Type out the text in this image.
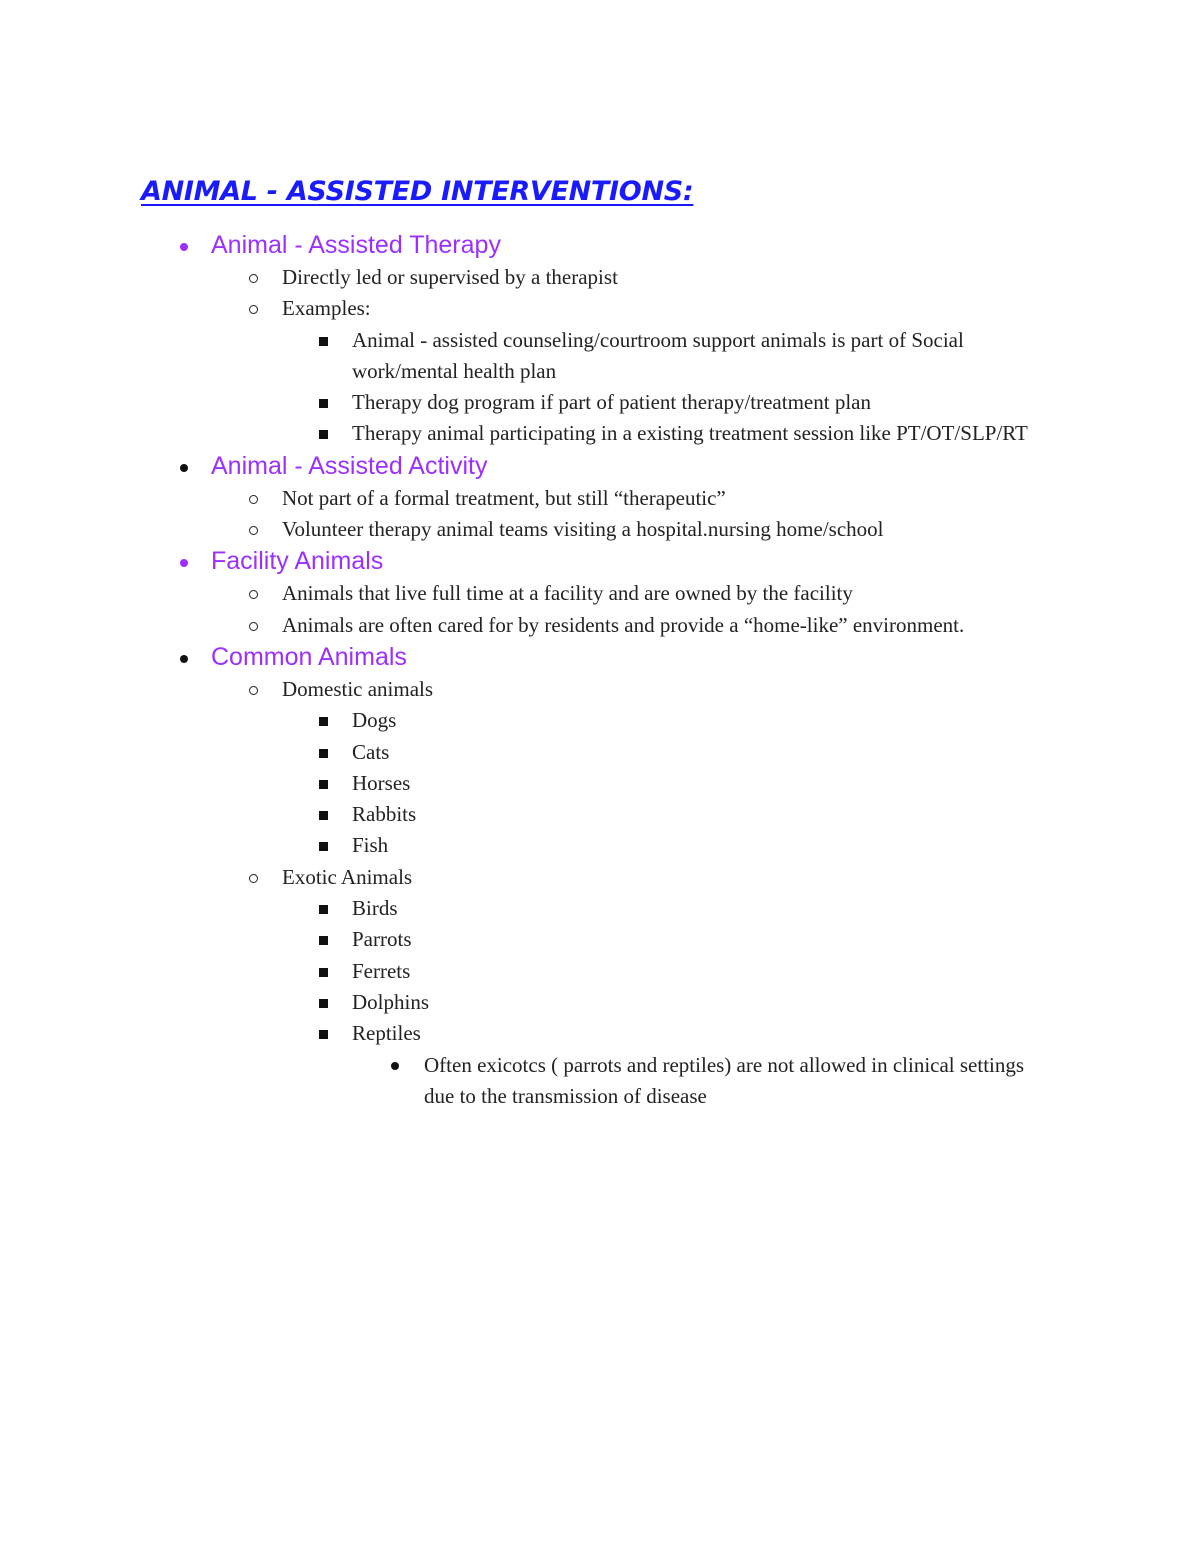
ANIMAL - ASSISTED INTERVENTIONS:
Animal - Assisted Therapy
Directly led or supervised by a therapist
Examples:
Animal - assisted counseling/courtroom support animals is part of Social work/mental health plan
Therapy dog program if part of patient therapy/treatment plan
Therapy animal participating in a existing treatment session like PT/OT/SLP/RT
Animal - Assisted Activity
Not part of a formal treatment, but still “therapeutic”
Volunteer therapy animal teams visiting a hospital.nursing home/school
Facility Animals
Animals that live full time at a facility and are owned by the facility
Animals are often cared for by residents and provide a “home-like” environment.
Common Animals
Domestic animals
Dogs
Cats
Horses
Rabbits
Fish
Exotic Animals
Birds
Parrots
Ferrets
Dolphins
Reptiles
Often exicotcs ( parrots and reptiles) are not allowed in clinical settings due to the transmission of disease
